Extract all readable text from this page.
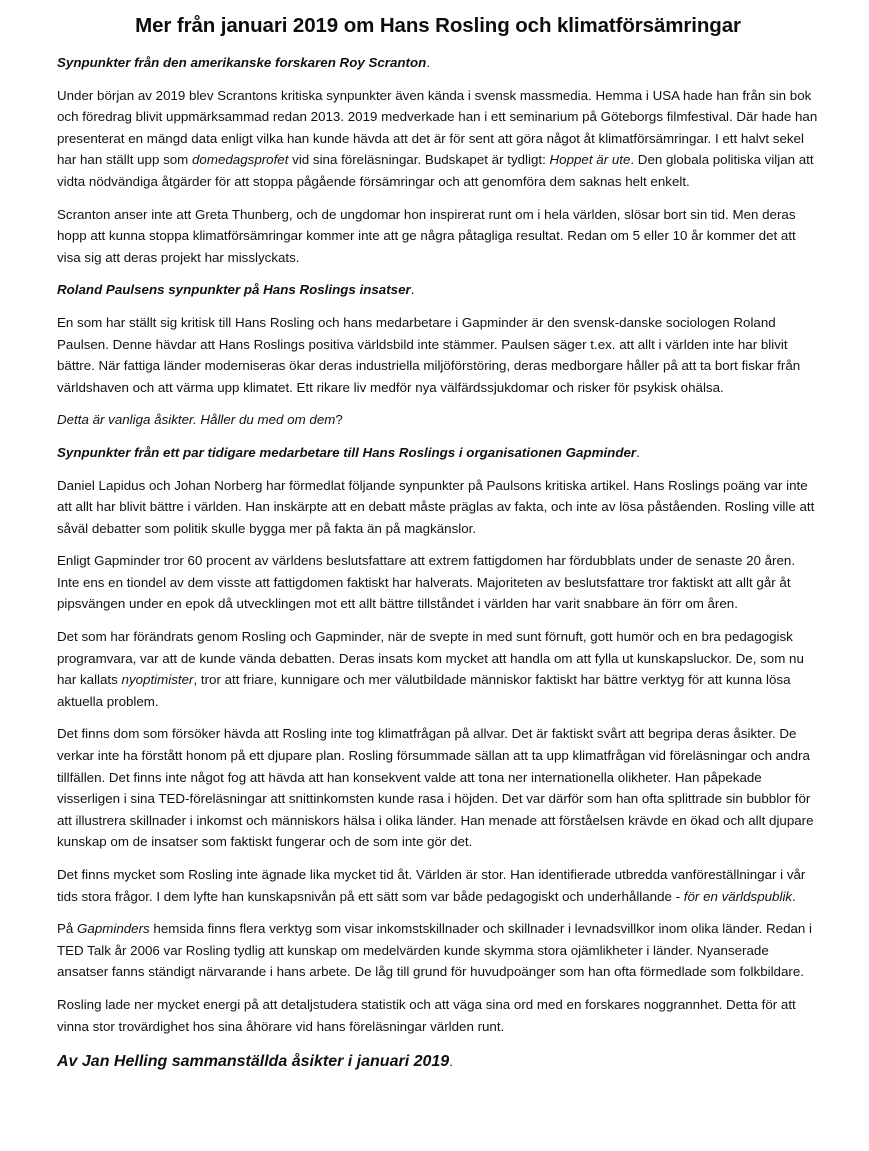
Mer från januari 2019 om Hans Rosling och klimatförsämringar

Synpunkter från den amerikanske forskaren Roy Scranton.

Under början av 2019 blev Scrantons kritiska synpunkter även kända i svensk massmedia. Hemma i USA hade han från sin bok och föredrag blivit uppmärksammad redan 2013. 2019 medverkade han i ett seminarium på Göteborgs filmfestival. Där hade han presenterat en mängd data enligt vilka han kunde hävda att det är för sent att göra något åt klimatförsämringar. I ett halvt sekel har han ställt upp som domedagsprofet vid sina föreläsningar. Budskapet är tydligt: Hoppet är ute. Den globala politiska viljan att vidta nödvändiga åtgärder för att stoppa pågående försämringar och att genomföra dem saknas helt enkelt.

Scranton anser inte att Greta Thunberg, och de ungdomar hon inspirerat runt om i hela världen, slösar bort sin tid. Men deras hopp att kunna stoppa klimatförsämringar kommer inte att ge några påtagliga resultat. Redan om 5 eller 10 år kommer det att visa sig att deras projekt har misslyckats.

Roland Paulsens synpunkter på Hans Roslings insatser.

En som har ställt sig kritisk till Hans Rosling och hans medarbetare i Gapminder är den svensk-danske sociologen Roland Paulsen. Denne hävdar att Hans Roslings positiva världsbild inte stämmer. Paulsen säger t.ex. att allt i världen inte har blivit bättre. När fattiga länder moderniseras ökar deras industriella miljöförstöring, deras medborgare håller på att ta bort fiskar från världshaven och att värma upp klimatet. Ett rikare liv medför nya välfärdssjukdomar och risker för psykisk ohälsa.

Detta är vanliga åsikter. Håller du med om dem?

Synpunkter från ett par tidigare medarbetare till Hans Roslings i organisationen Gapminder.

Daniel Lapidus och Johan Norberg har förmedlat följande synpunkter på Paulsons kritiska artikel. Hans Roslings poäng var inte att allt har blivit bättre i världen. Han inskärpte att en debatt måste präglas av fakta, och inte av lösa påståenden. Rosling ville att såväl debatter som politik skulle bygga mer på fakta än på magkänslor.

Enligt Gapminder tror 60 procent av världens beslutsfattare att extrem fattigdomen har fördubblats under de senaste 20 åren. Inte ens en tiondel av dem visste att fattigdomen faktiskt har halverats. Majoriteten av beslutsfattare tror faktiskt att allt går åt pipsvängen under en epok då utvecklingen mot ett allt bättre tillståndet i världen har varit snabbare än förr om åren.

Det som har förändrats genom Rosling och Gapminder, när de svepte in med sunt förnuft, gott humör och en bra pedagogisk programvara, var att de kunde vända debatten. Deras insats kom mycket att handla om att fylla ut kunskapsluckor. De, som nu har kallats nyoptimister, tror att friare, kunnigare och mer välutbildade människor faktiskt har bättre verktyg för att kunna lösa aktuella problem.

Det finns dom som försöker hävda att Rosling inte tog klimatfrågan på allvar. Det är faktiskt svårt att begripa deras åsikter. De verkar inte ha förstått honom på ett djupare plan. Rosling försummade sällan att ta upp klimatfrågan vid föreläsningar och andra tillfällen. Det finns inte något fog att hävda att han konsekvent valde att tona ner internationella olikheter. Han påpekade visserligen i sina TED-föreläsningar att snittinkomsten kunde rasa i höjden. Det var därför som han ofta splittrade sin bubblor för att illustrera skillnader i inkomst och människors hälsa i olika länder. Han menade att förståelsen krävde en ökad och allt djupare kunskap om de insatser som faktiskt fungerar och de som inte gör det.

Det finns mycket som Rosling inte ägnade lika mycket tid åt. Världen är stor. Han identifierade utbredda vanföreställningar i vår tids stora frågor. I dem lyfte han kunskapsnivån på ett sätt som var både pedagogiskt och underhållande - för en världspublik.

På Gapminders hemsida finns flera verktyg som visar inkomstskillnader och skillnader i levnadsvillkor inom olika länder. Redan i TED Talk år 2006 var Rosling tydlig att kunskap om medelvärden kunde skymma stora ojämlikheter i länder. Nyanserade ansatser fanns ständigt närvarande i hans arbete. De låg till grund för huvudpoänger som han ofta förmedlade som folkbildare.

Rosling lade ner mycket energi på att detaljstudera statistik och att väga sina ord med en forskares noggrannhet. Detta för att vinna stor trovärdighet hos sina åhörare vid hans föreläsningar världen runt.

Av Jan Helling sammanställda åsikter i januari 2019.
